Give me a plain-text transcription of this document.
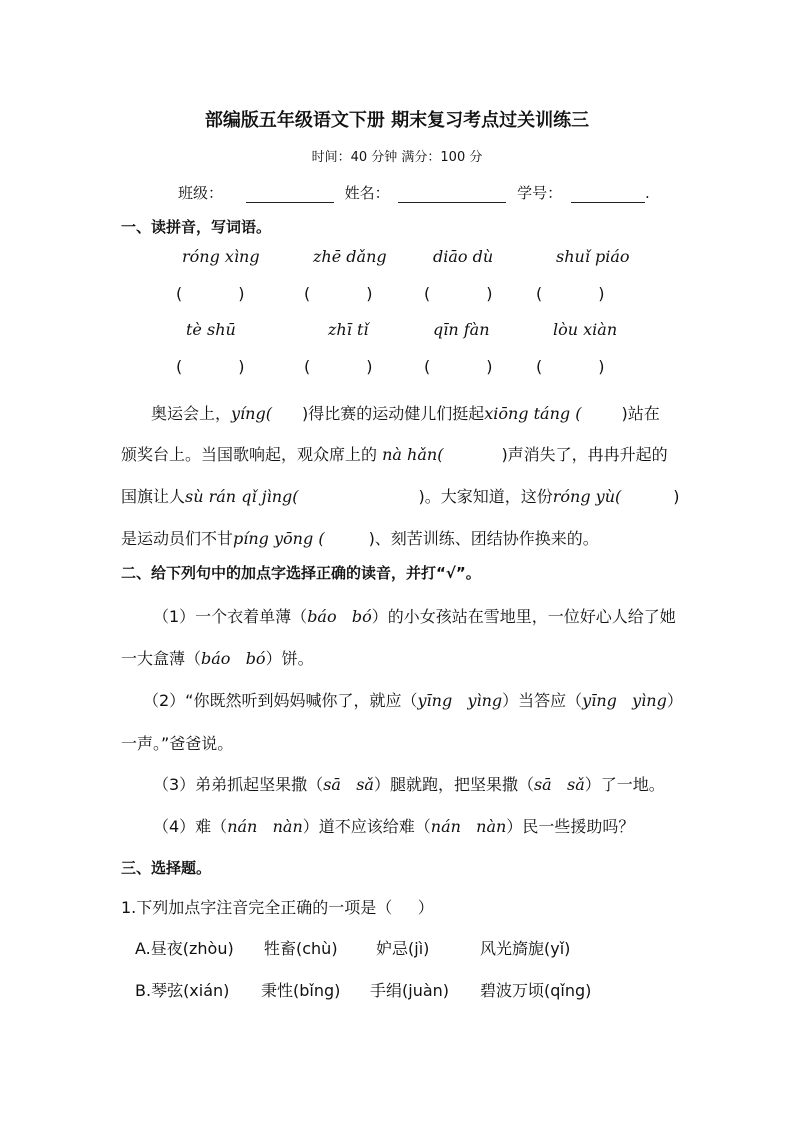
部编版五年级语文下册 期末复习考点过关训练三
时间：40 分钟 满分：100 分
班级：	姓名：	学号：	.
一、读拼音，写词语。
róng xìng	zhē dǎng	diāo dù	shuǐ piáo
(	)	(	)	(	)	(	)
tè shū	zhī tǐ	qīn fàn	lòu xiàn
(	)	(	)	(	)	(	)
奥运会上，yíng( )得比赛的运动健儿们挺起xiōng táng (	)站在
颁奖台上。当国歌响起，观众席上的 nà hǎn(	)声消失了，冉冉升起的
国旗让人sù rán qǐ jìng(	)。大家知道，这份róng yù(	)
是运动员们不甘píng yōng (	)、刻苦训练、团结协作换来的。
二、给下列句中的加点字选择正确的读音，并打“√”。
（1）一个衣着单薄（báo   bó）的小女孩站在雪地里，一位好心人给了她
一大盒薄（báo   bó）饼。
（2）“你既然听到妈妈喊你了，就应（yīng   yìng）当答应（yīng   yìng）
一声。”爸爸说。
（3）弟弟抓起坚果撒（sā   sǎ）腿就跑，把坚果撒（sā   sǎ）了一地。
（4）难（nán   nàn）道不应该给难（nán   nàn）民一些援助吗？
三、选择题。
1.下列加点字注音完全正确的一项是（     ）
A.昼夜(zhòu) 牲畜(chù) 妒忌(jì)	风光旖旎(yǐ)
B.琴弦(xián) 秉性(bǐng) 手绢(juàn) 碧波万顷(qǐng)
